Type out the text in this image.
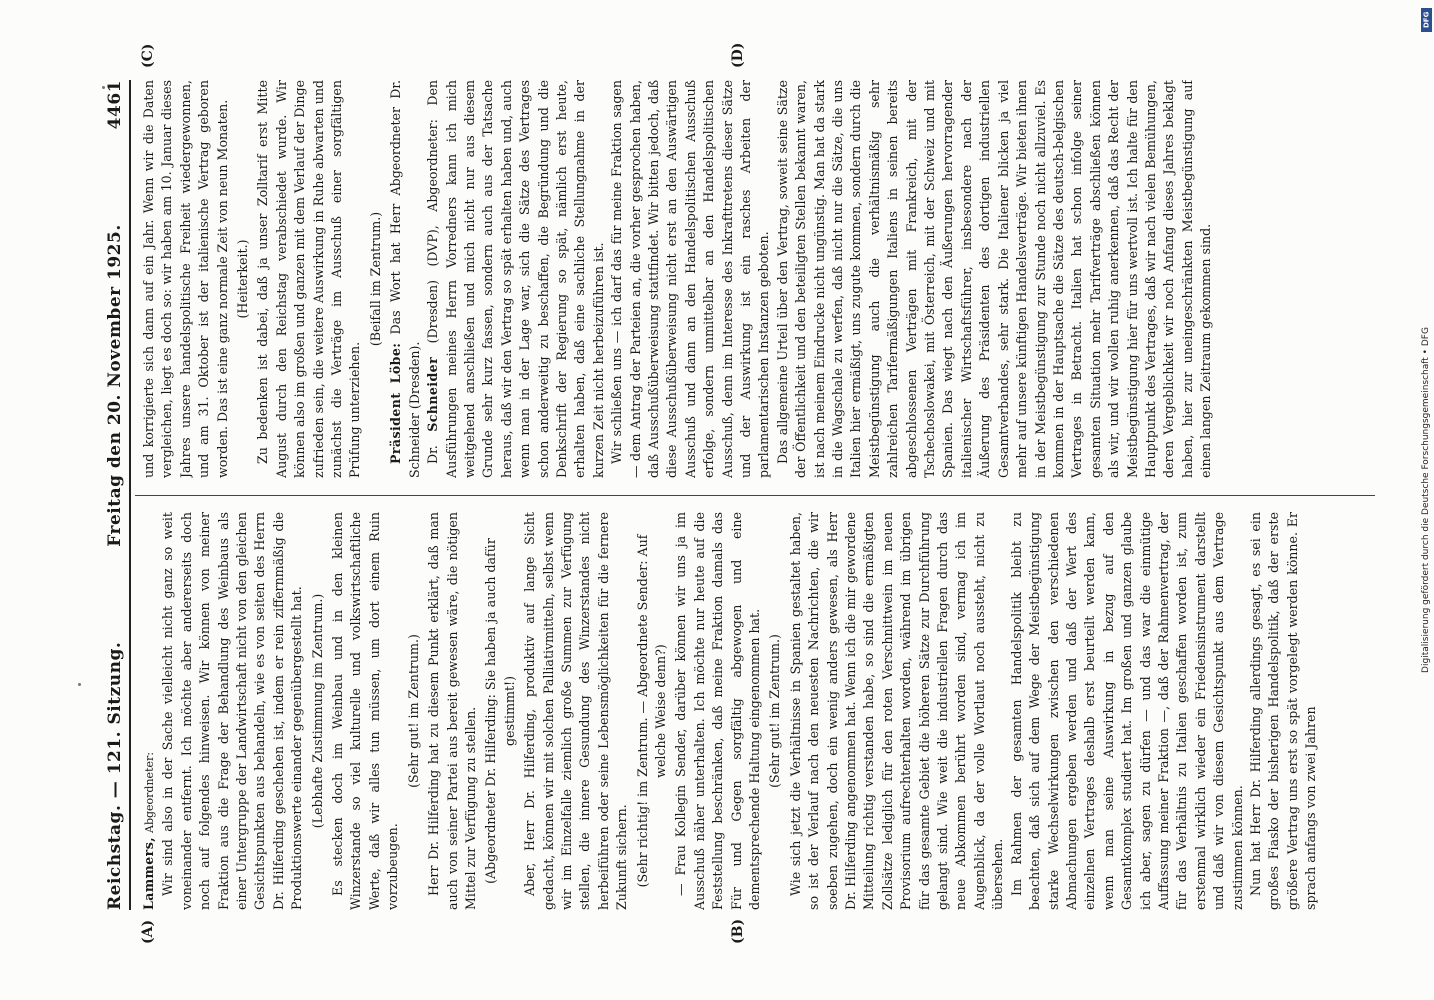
Reichstag. — 121. Sitzung.
Freitag den 20. November 1925.
4461
(A)	(B)
(C)	(D)

Lammers, Abgeordneter: Wir sind also in der Sache vielleicht nicht ganz so weit voneinander entfernt. Ich möchte aber andererseits doch noch auf folgendes hinweisen. Wir können von meiner Fraktion aus die Frage der Behandlung des Weinbaus als einer Untergruppe der Landwirtschaft nicht von den gleichen Gesichtspunkten aus behandeln, wie es von seiten des Herrn Dr. Hilferding geschehen ist, indem er rein ziffernmäßig die Produktionswerte einander gegenübergestellt hat. (Lebhafte Zustimmung im Zentrum.) Es stecken doch im Weinbau und in den kleinen Winzerstande so viel kulturelle und volkswirtschaftliche Werte, daß wir alles tun müssen, um dort einem Ruin vorzubeugen.

(Sehr gut! im Zentrum.) Herr Dr. Hilferding hat zu diesem Punkt erklärt, daß man auch von seiner Partei aus bereit gewesen wäre, die nötigen Mittel zur Verfügung zu stellen. (Abgeordneter Dr. Hilferding: Sie haben ja auch dafür gestimmt!) Aber, Herr Dr. Hilferding, produktiv auf lange Sicht gedacht, können wir mit solchen Palliativmitteln, selbst wenn wir im Einzelfalle ziemlich große Summen zur Verfügung stellen, die innere Gesundung des Winzerstandes nicht herbeiführen oder seine Lebensmöglichkeiten für die fernere Zukunft sichern. (Sehr richtig! im Zentrum. — Abgeordnete Sender: Auf welche Weise denn?) — Frau Kollegin Sender, darüber können wir uns ja im Ausschuß näher unterhalten. Ich möchte nur heute auf die Feststellung beschränken, daß meine Fraktion damals das Für und Gegen sorgfältig abgewogen und eine dementsprechende Haltung eingenommen hat. (Sehr gut! im Zentrum.) Wie sich jetzt die Verhältnisse in Spanien gestaltet haben, so ist der Verlauf nach den neuesten Nachrichten, die wir soeben zugehen, doch ein wenig anders gewesen, als Herr Dr. Hilferding angenommen hat. Wenn ich die mir gewordene Mitteilung richtig verstanden habe, so sind die ermäßigten Zollsätze lediglich für den roten Verschnittwein im neuen Provisorium aufrechterhalten worden, während im übrigen für das gesamte Gebiet die höheren Sätze zur Durchführung gelangt sind. Wie weit die industriellen Fragen durch das neue Abkommen berührt worden sind, vermag ich im Augenblick, da der volle Wortlaut noch aussteht, nicht zu übersehen. Im Rahmen der gesamten Handelspolitik bleibt zu beachten, daß sich auf dem Wege der Meistbegünstigung starke Wechselwirkungen zwischen den verschiedenen Abmachungen ergeben werden und daß der Wert des einzelnen Vertrages deshalb erst beurteilt werden kann, wenn man seine Auswirkung in bezug auf den Gesamtkomplex studiert hat. Im großen und ganzen glaube ich aber, sagen zu dürfen — und das war die einmütige Auffassung meiner Fraktion —, daß der Rahmenvertrag, der für das Verhältnis zu Italien geschaffen worden ist, zum erstenmal wirklich wieder ein Friedensinstrument darstellt und daß wir von diesem Gesichtspunkt aus dem Vertrage zustimmen können. Nun hat Herr Dr. Hilferding allerdings gesagt, es sei ein großes Fiasko der bisherigen Handelspolitik, daß der erste größere Vertrag uns erst so spät vorgelegt werden könne. Er sprach anfangs von zwei Jahren

und korrigierte sich dann auf ein Jahr. Wenn wir die Daten vergleichen, liegt es doch so: wir haben am 10. Januar dieses Jahres unsere handelspolitische Freiheit wiedergewonnen, und am 31. Oktober ist der italienische Vertrag geboren worden. Das ist eine ganz normale Zeit von neun Monaten. (Heiterkeit.) Zu bedenken ist dabei, daß ja unser Zolltarif erst Mitte August durch den Reichstag verabschiedet wurde. Wir können also im großen und ganzen mit dem Verlauf der Dinge zufrieden sein, die weitere Auswirkung in Ruhe abwarten und zunächst die Verträge im Ausschuß einer sorgfältigen Prüfung unterziehen.

(Beifall im Zentrum.)

Präsident Löbe: Das Wort hat Herr Abgeordneter Dr. Schneider (Dresden). Dr. Schneider (Dresden) (DVP), Abgeordneter: Den Ausführungen meines Herrn Vorredners kann ich mich weitgehend anschließen und mich nicht nur aus diesem Grunde sehr kurz fassen, sondern auch aus der Tatsache heraus, daß wir den Vertrag so spät erhalten haben und, auch wenn man in der Lage war, sich die Sätze des Vertrages schon anderweitig zu beschaffen, die Begründung und die Denkschrift der Regierung so spät, nämlich erst heute, erhalten haben, daß eine sachliche Stellungnahme in der kurzen Zeit nicht herbeizuführen ist. Wir schließen uns — ich darf das für meine Fraktion sagen — dem Antrag der Parteien an, die vorher gesprochen haben, daß Ausschußüberweisung stattfindet. Wir bitten jedoch, daß diese Ausschußüberweisung nicht erst an den Auswärtigen Ausschuß und dann an den Handelspolitischen Ausschuß erfolge, sondern unmittelbar an den Handelspolitischen Ausschuß, denn im Interesse des Inkrafttretens dieser Sätze und der Auswirkung ist ein rasches Arbeiten der parlamentarischen Instanzen geboten. Das allgemeine Urteil über den Vertrag, soweit seine Sätze der Öffentlichkeit und den beteiligten Stellen bekannt waren, ist nach meinem Eindrucke nicht ungünstig. Man hat da stark in die Wagschale zu werfen, daß nicht nur die Sätze, die uns Italien hier ermäßigt, uns zugute kommen, sondern durch die Meistbegünstigung auch die verhältnismäßig sehr zahlreichen Tarifermäßigungen Italiens in seinen bereits abgeschlossenen Verträgen mit Frankreich, mit der Tschechoslowakei, mit Österreich, mit der Schweiz und mit Spanien. Das wiegt nach den Äußerungen hervorragender italienischer Wirtschaftsführer, insbesondere nach der Äußerung des Präsidenten des dortigen industriellen Gesamtverbandes, sehr stark. Die Italiener blicken ja viel mehr auf unsere künftigen Handelsverträge. Wir bieten ihnen in der Meistbegünstigung zur Stunde noch nicht allzuviel. Es kommen in der Hauptsache die Sätze des deutsch-belgischen Vertrages in Betracht. Italien hat schon infolge seiner gesamten Situation mehr Tarifverträge abschließen können als wir, und wir wollen ruhig anerkennen, daß das Recht der Meistbegünstigung hier für uns wertvoll ist. Ich halte für den Hauptpunkt des Vertrages, daß wir nach vielen Bemühungen, deren Vergeblichkeit wir noch Anfang dieses Jahres beklagt haben, hier zur uneingeschränkten Meistbegünstigung auf einen langen Zeitraum gekommen sind.	Digitalisierung gefördert durch die Deutsche Forschungsgemeinschaft • DFG
DFG
